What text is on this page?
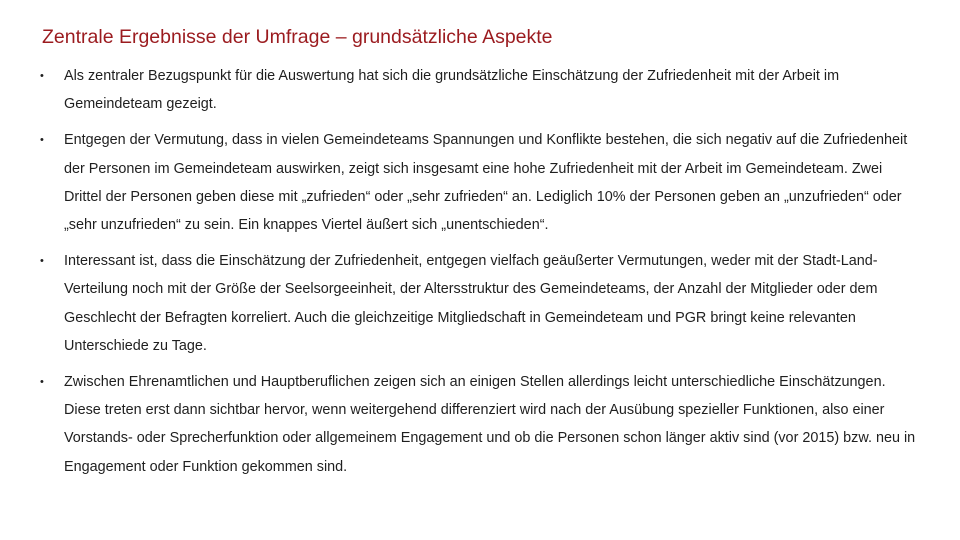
Zentrale Ergebnisse der Umfrage – grundsätzliche Aspekte
•	Als zentraler Bezugspunkt für die Auswertung hat sich die grundsätzliche Einschätzung der Zufriedenheit mit der Arbeit im Gemeindeteam gezeigt.
•	Entgegen der Vermutung, dass in vielen Gemeindeteams Spannungen und Konflikte bestehen, die sich negativ auf die Zufriedenheit der Personen im Gemeindeteam auswirken, zeigt sich insgesamt eine hohe Zufriedenheit mit der Arbeit im Gemeindeteam. Zwei Drittel der Personen geben diese mit „zufrieden“ oder „sehr zufrieden“ an. Lediglich 10% der Personen geben an „unzufrieden“ oder „sehr unzufrieden“ zu sein. Ein knappes Viertel äußert sich „unentschieden“.
•	Interessant ist, dass die Einschätzung der Zufriedenheit, entgegen vielfach geäußerter Vermutungen, weder mit der Stadt-Land-Verteilung noch mit der Größe der Seelsorgeeinheit, der Altersstruktur des Gemeindeteams, der Anzahl der Mitglieder oder dem Geschlecht der Befragten korreliert. Auch die gleichzeitige Mitgliedschaft in Gemeindeteam und PGR bringt keine relevanten Unterschiede zu Tage.
•	Zwischen Ehrenamtlichen und Hauptberuflichen zeigen sich an einigen Stellen allerdings leicht unterschiedliche Einschätzungen. Diese treten erst dann sichtbar hervor, wenn weitergehend differenziert wird nach der Ausübung spezieller Funktionen, also einer Vorstands- oder Sprecherfunktion oder allgemeinem Engagement und ob die Personen schon länger aktiv sind (vor 2015) bzw. neu in Engagement oder Funktion gekommen sind.
